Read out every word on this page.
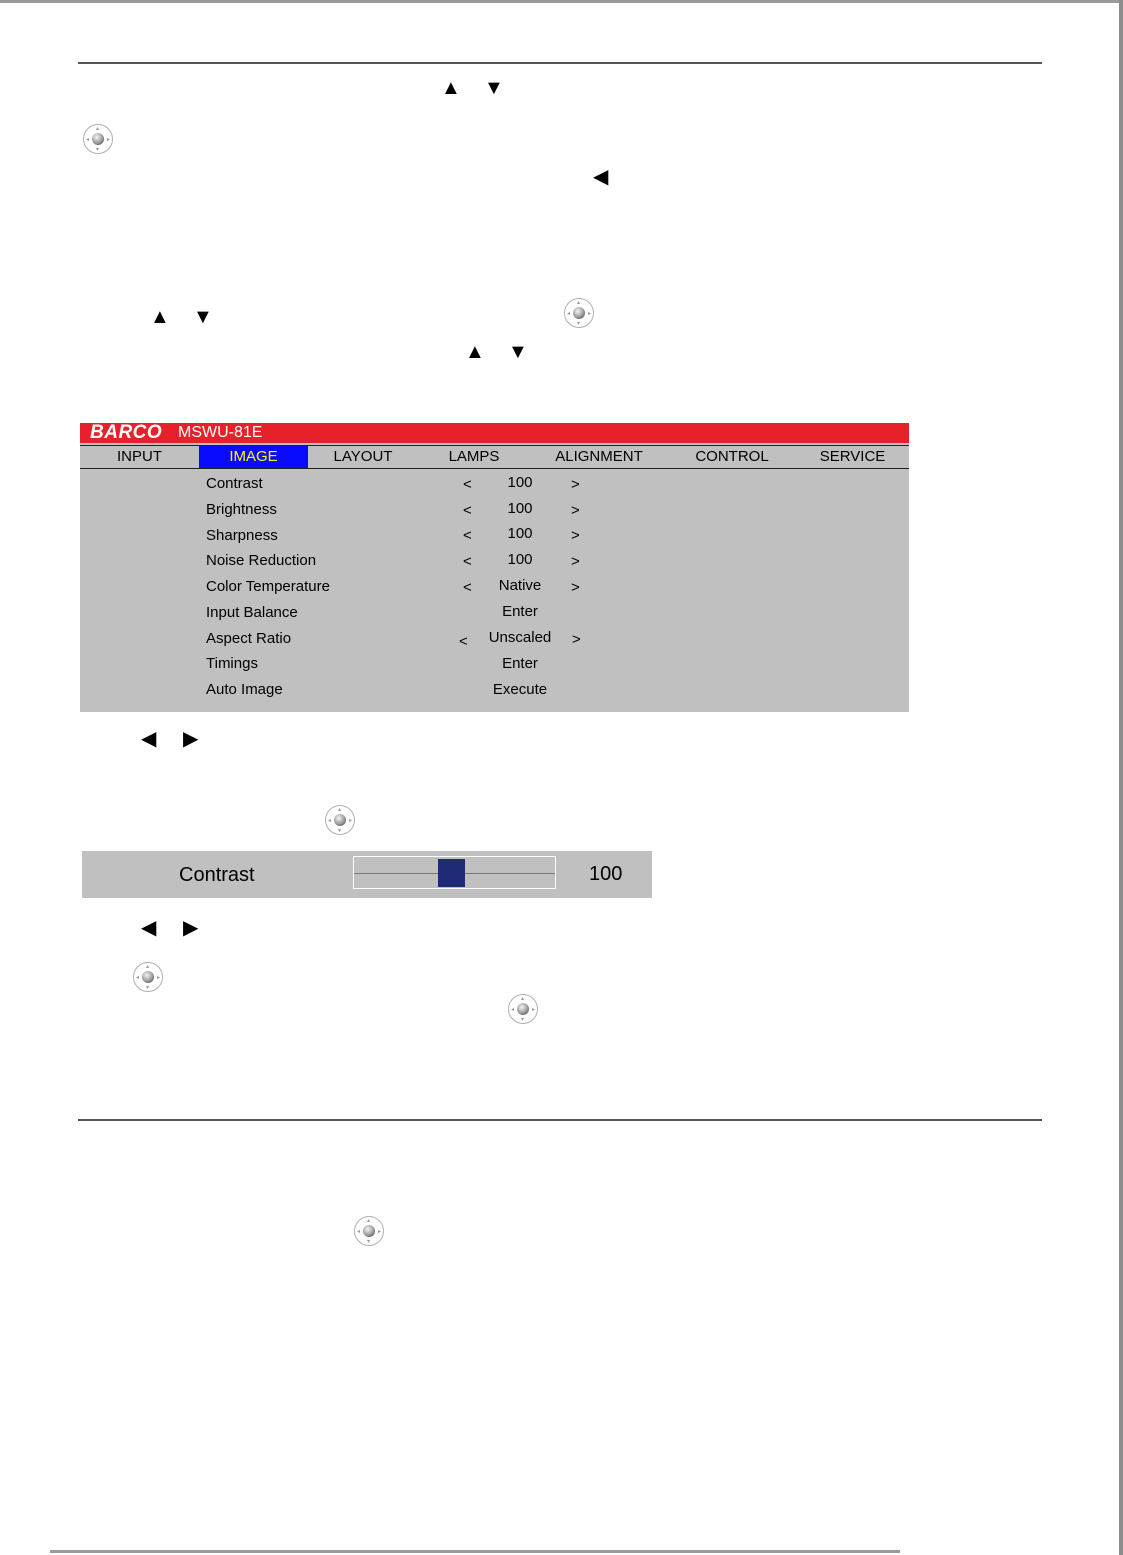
▲ ▼
▴
▾
◂	▸
◀
▲ ▼
▴
▾
◂	▸
▲ ▼
BARCO MSWU-81E
INPUT	IMAGE	LAYOUT	LAMPS	ALIGNMENT	CONTROL	SERVICE
Contrast	<	100	>
Brightness	<	100	>
Sharpness	<	100	>
Noise Reduction	<	100	>
Color Temperature	<	Native	>
Input Balance	Enter
Aspect Ratio	<	Unscaled	>
Timings	Enter
Auto Image	Execute
◀ ▶
▴
▾
◂	▸
Contrast	100
◀ ▶
▴
▾
◂	▸
▴
▾
◂	▸
▴
▾
◂	▸
